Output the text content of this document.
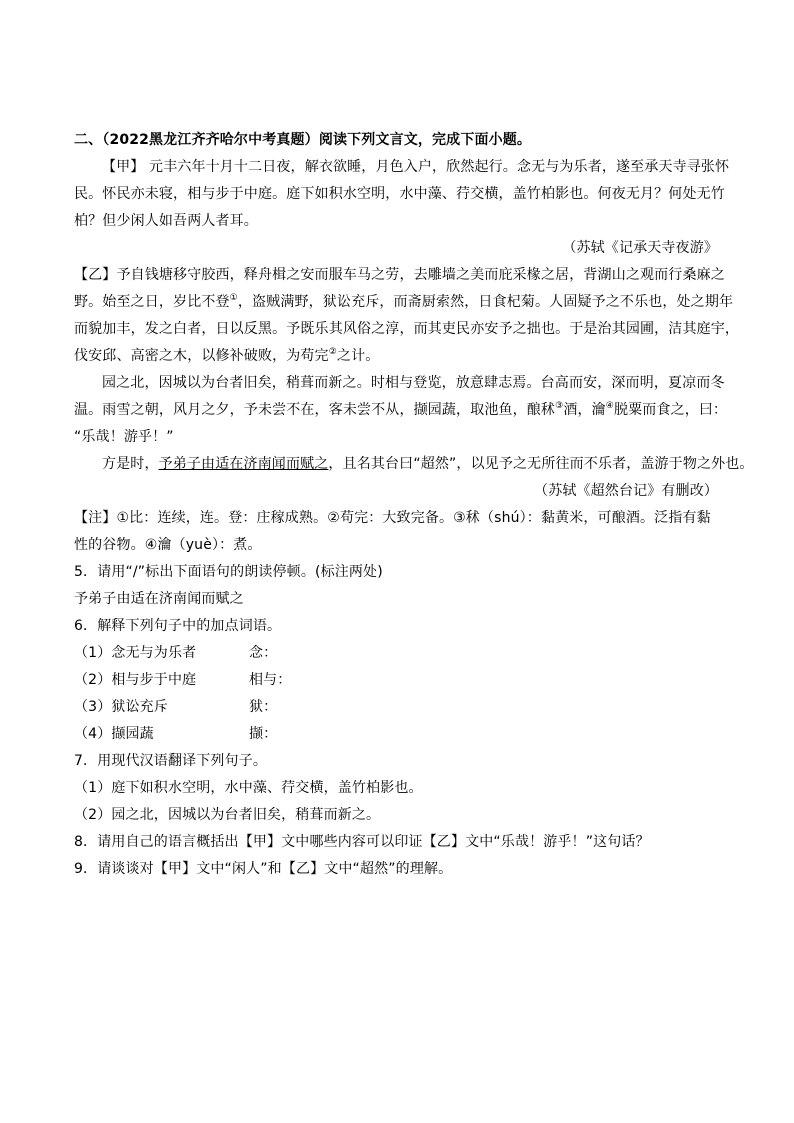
二、（2022黑龙江齐齐哈尔中考真题）阅读下列文言文，完成下面小题。
【甲】 元丰六年十月十二日夜，解衣欲睡，月色入户，欣然起行。念无与为乐者，遂至承天寺寻张怀
民。怀民亦未寝，相与步于中庭。庭下如积水空明，水中藻、荇交横，盖竹柏影也。何夜无月？何处无竹
柏？但少闲人如吾两人者耳。
（苏轼《记承天寺夜游》
【乙】予自钱塘移守胶西，释舟楫之安而服车马之劳，去雕墙之美而庇采椽之居，背湖山之观而行桑麻之
野。始至之日，岁比不登①，盗贼满野，狱讼充斥，而斋厨索然，日食杞菊。人固疑予之不乐也，处之期年
而貌加丰，发之白者，日以反黑。予既乐其风俗之淳，而其吏民亦安予之拙也。于是治其园圃，洁其庭宇，
伐安邱、高密之木，以修补破败，为苟完②之计。
园之北，因城以为台者旧矣，稍葺而新之。时相与登览，放意肆志焉。台高而安，深而明，夏凉而冬
温。雨雪之朝，风月之夕，予未尝不在，客未尝不从，撷园蔬，取池鱼，酿秫③酒，瀹④脱粟而食之，曰：
“乐哉！游乎！”
方是时，予弟子由适在济南闻而赋之，且名其台曰“超然”，以见予之无所往而不乐者，盖游于物之外也。
（苏轼《超然台记》有删改）
【注】①比：连续，连。登：庄稼成熟。②苟完：大致完备。③秫（shú）：黏黄米，可酿酒。泛指有黏
性的谷物。④瀹（yuè）：煮。
5．请用“/”标出下面语句的朗读停顿。(标注两处)
予弟子由适在济南闻而赋之
6．解释下列句子中的加点词语。
（1）念无与为乐者	念：
（2）相与步于中庭	相与：
（3）狱讼充斥	狱：
（4）撷园蔬	撷：
7．用现代汉语翻译下列句子。
（1）庭下如积水空明，水中藻、荇交横，盖竹柏影也。
（2）园之北，因城以为台者旧矣，稍葺而新之。
8．请用自己的语言概括出【甲】文中哪些内容可以印证【乙】文中“乐哉！游乎！”这句话？
9．请谈谈对【甲】文中“闲人”和【乙】文中“超然”的理解。
